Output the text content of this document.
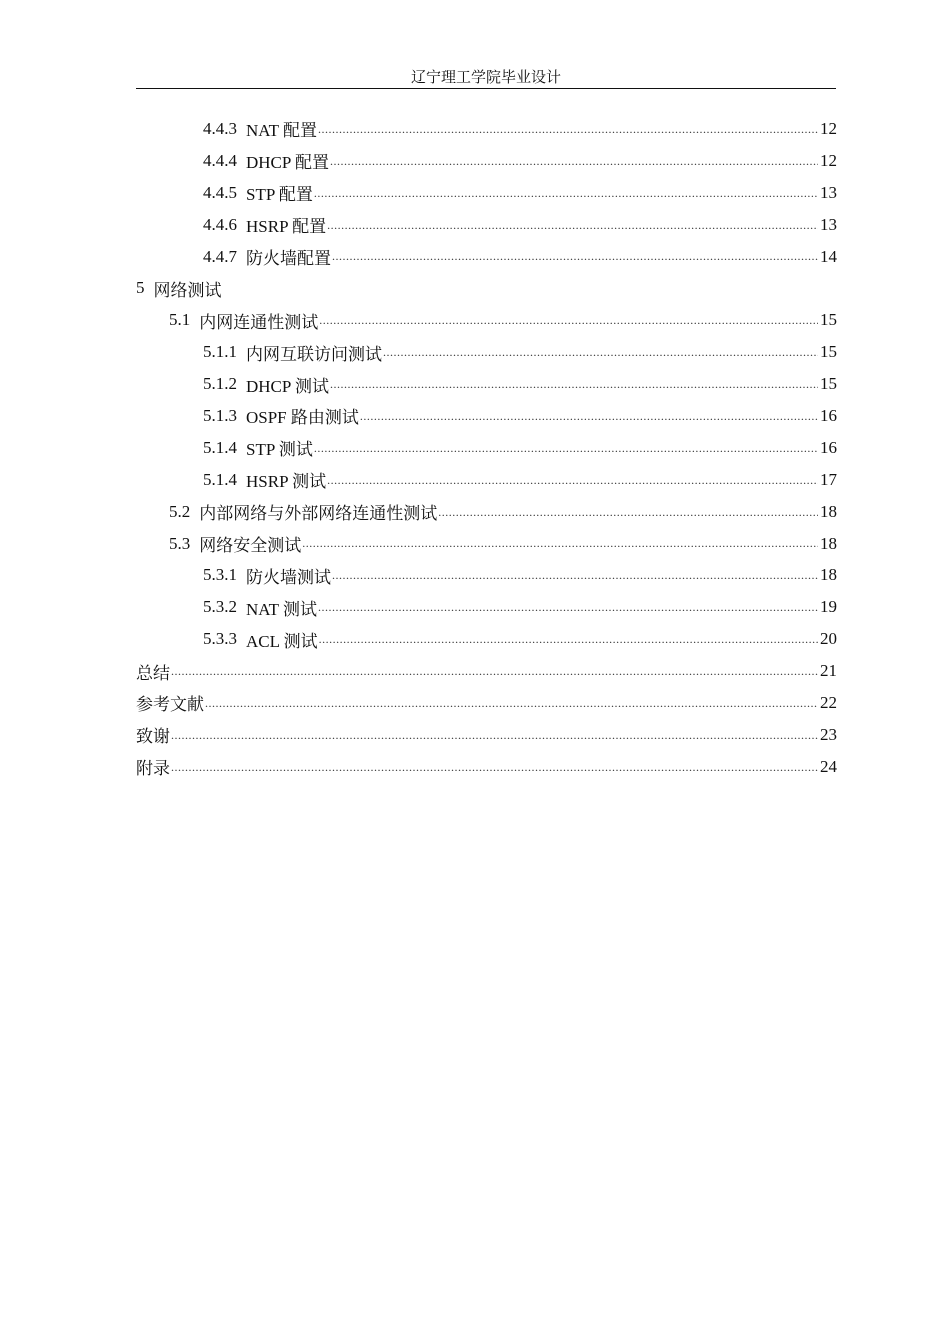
辽宁理工学院毕业设计
4.4.3 NAT 配置 .....	12
4.4.4 DHCP 配置 .....	12
4.4.5 STP 配置 .....	13
4.4.6 HSRP 配置 .....	13
4.4.7 防火墙配置 .....	14
5 网络测试
5.1 内网连通性测试 .....	15
5.1.1 内网互联访问测试 .....	15
5.1.2 DHCP 测试 .....	15
5.1.3 OSPF 路由测试 .....	16
5.1.4 STP 测试 .....	16
5.1.4 HSRP 测试 .....	17
5.2 内部网络与外部网络连通性测试 .....	18
5.3 网络安全测试 .....	18
5.3.1 防火墙测试 .....	18
5.3.2 NAT 测试 .....	19
5.3.3 ACL 测试 .....	20
总结 .....	21
参考文献 .....	22
致谢 .....	23
附录 .....	24
